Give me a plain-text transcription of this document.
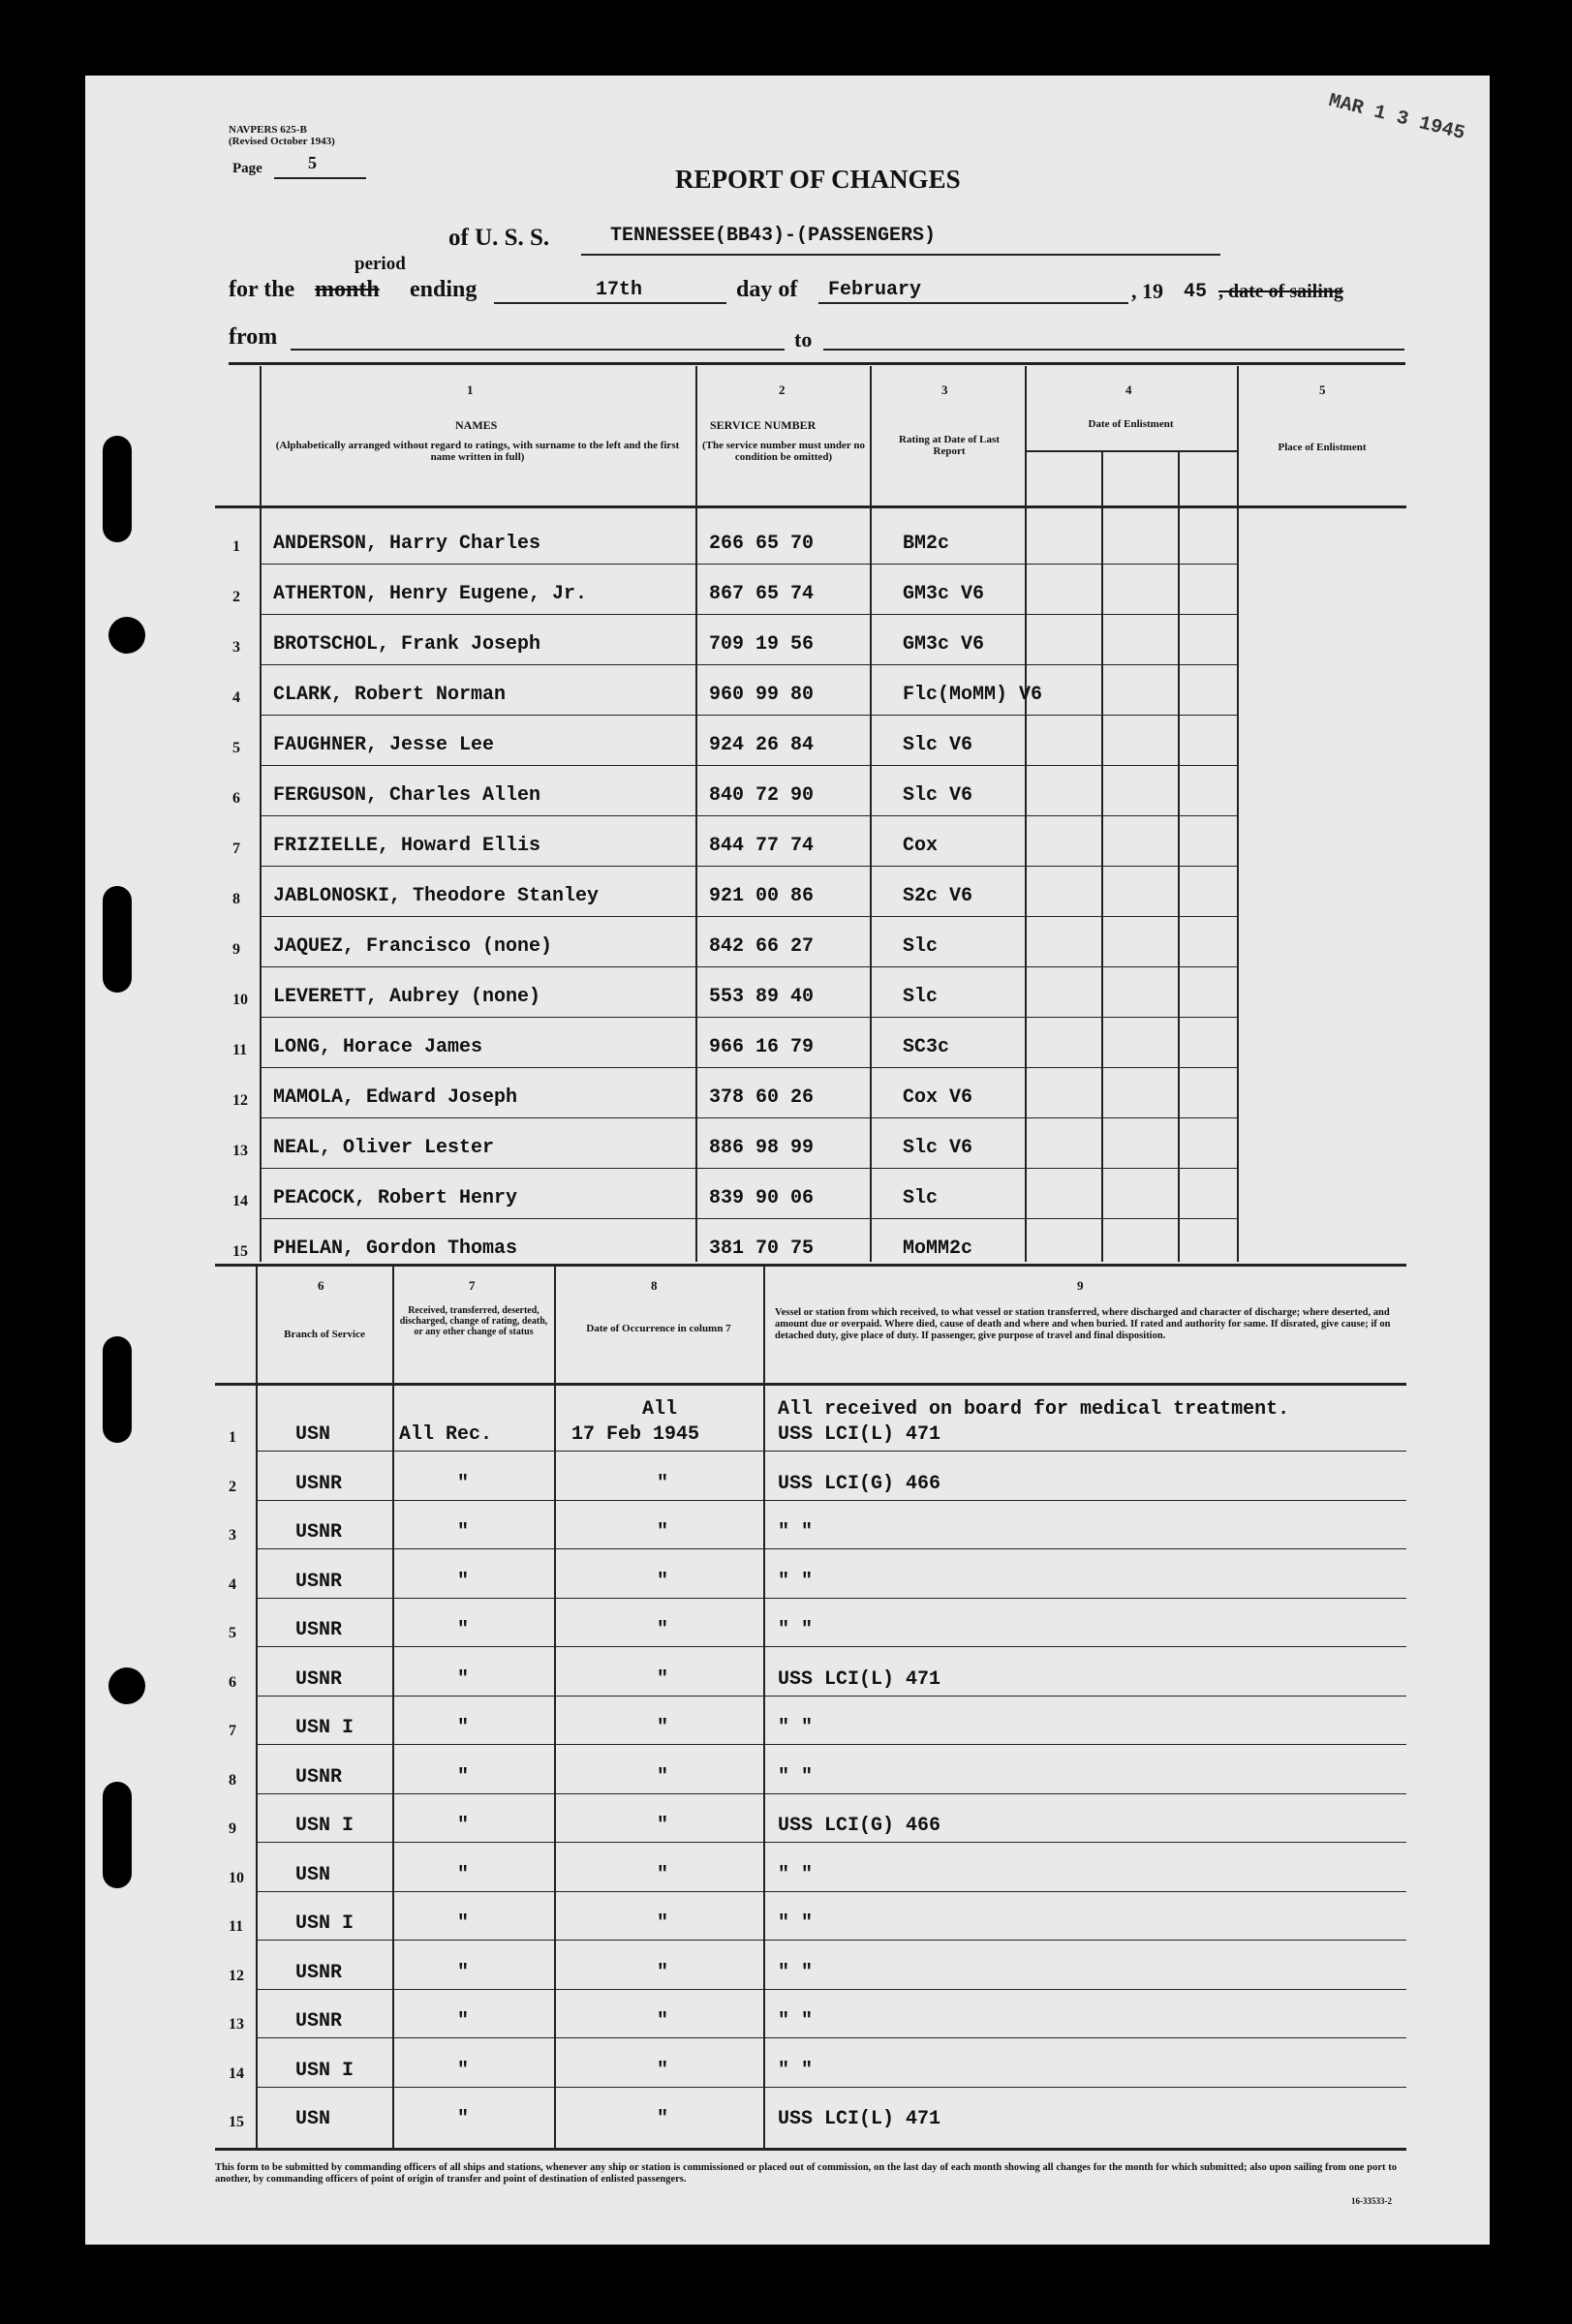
NAVPERS 625-B
(Revised October 1943)
Page	5
REPORT OF CHANGES
MAR 1 3 1945
of U. S. S.	TENNESSEE(BB43)-(PASSENGERS)
period
for the month ending	17th	day of February	, 19 45 , date of sailing
from	to
1
NAMES
(Alphabetically arranged without regard to ratings, with surname to the left and the first name written in full)
2
SERVICE NUMBER
(The service number must under no condition be omitted)
3
Rating at Date of Last Report
4
Date of Enlistment
5
Place of Enlistment
1 ANDERSON, Harry Charles	266 65 70	BM2c
2 ATHERTON, Henry Eugene, Jr.	867 65 74	GM3c V6
3 BROTSCHOL, Frank Joseph	709 19 56	GM3c V6
4 CLARK, Robert Norman	960 99 80	Flc(MoMM) V6
5 FAUGHNER, Jesse Lee	924 26 84	Slc V6
6 FERGUSON, Charles Allen	840 72 90	Slc V6
7 FRIZIELLE, Howard Ellis	844 77 74	Cox
8 JABLONOSKI, Theodore Stanley	921 00 86	S2c V6
9 JAQUEZ, Francisco (none)	842 66 27	Slc
10 LEVERETT, Aubrey (none)	553 89 40	Slc
11 LONG, Horace James	966 16 79	SC3c
12 MAMOLA, Edward Joseph	378 60 26	Cox V6
13 NEAL, Oliver Lester	886 98 99	Slc V6
14 PEACOCK, Robert Henry	839 90 06	Slc
15 PHELAN, Gordon Thomas	381 70 75	MoMM2c
6
Branch of Service
7
Received, transferred, deserted, discharged, change of rating, death, or any other change of status
8
Date of Occurrence in column 7
9
Vessel or station from which received, to what vessel or station transferred, where discharged and character of discharge; where deserted, and amount due or overpaid. Where died, cause of death and where and when buried. If rated and authority for same. If disrated, give cause; if on detached duty, give place of duty. If passenger, give purpose of travel and final disposition.
All	All received on board for medical treatment.
1	USN	All Rec.	17 Feb 1945	USS LCI(L) 471
2	USNR	"	"	USS LCI(G) 466
3	USNR	"	"	" "
4	USNR	"	"	" "
5	USNR	"	"	" "
6	USNR	"	"	USS LCI(L) 471
7	USN I	"	"	" "
8	USNR	"	"	" "
9	USN I	"	"	USS LCI(G) 466
10	USN	"	"	" "
11	USN I	"	"	" "
12	USNR	"	"	" "
13	USNR	"	"	" "
14	USN I	"	"	" "
15	USN	"	"	USS LCI(L) 471
This form to be submitted by commanding officers of all ships and stations, whenever any ship or station is commissioned or placed out of commission, on the last day of each month showing all changes for the month for which submitted; also upon sailing from one port to another, by commanding officers of point of origin of transfer and point of destination of enlisted passengers.
16-33533-2
